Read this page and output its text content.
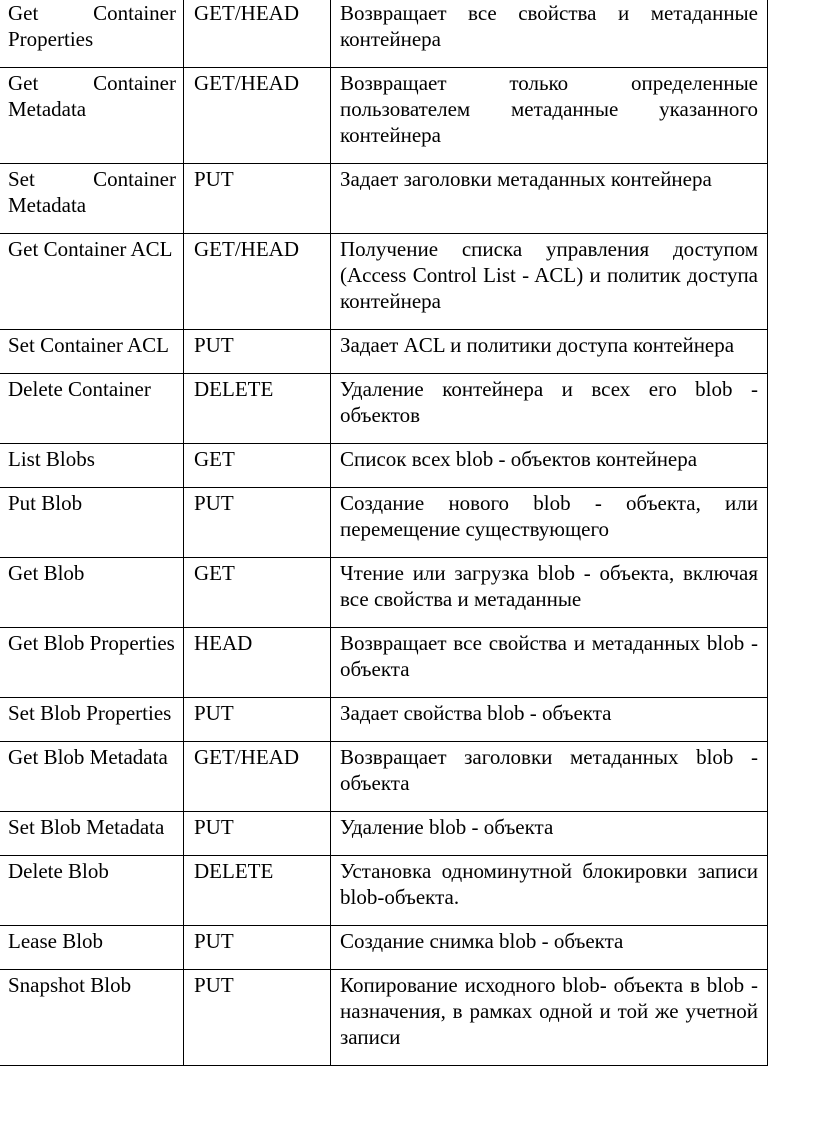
Get Container Properties	GET/HEAD	Возвращает все свойства и метаданные контейнера
Get Container Metadata	GET/HEAD	Возвращает только определенные пользователем метаданные указанного контейнера
Set Container Metadata	PUT	Задает заголовки метаданных контейнера
Get Container ACL	GET/HEAD	Получение списка управления доступом (Access Control List - ACL) и политик доступа контейнера
Set Container ACL	PUT	Задает ACL и политики доступа контейнера
Delete Container	DELETE	Удаление контейнера и всех его blob - объектов
List Blobs	GET	Список всех blob - объектов контейнера
Put Blob	PUT	Создание нового blob - объекта, или перемещение существующего
Get Blob	GET	Чтение или загрузка blob - объекта, включая все свойства и метаданные
Get Blob Properties	HEAD	Возвращает все свойства и метаданных blob - объекта
Set Blob Properties	PUT	Задает свойства blob - объекта
Get Blob Metadata	GET/HEAD	Возвращает заголовки метаданных blob - объекта
Set Blob Metadata	PUT	Удаление blob - объекта
Delete Blob	DELETE	Установка одноминутной блокировки записи blob-объекта.
Lease Blob	PUT	Создание снимка blob - объекта
Snapshot Blob	PUT	Копирование исходного blob- объекта в blob - назначения, в рамках одной и той же учетной записи
